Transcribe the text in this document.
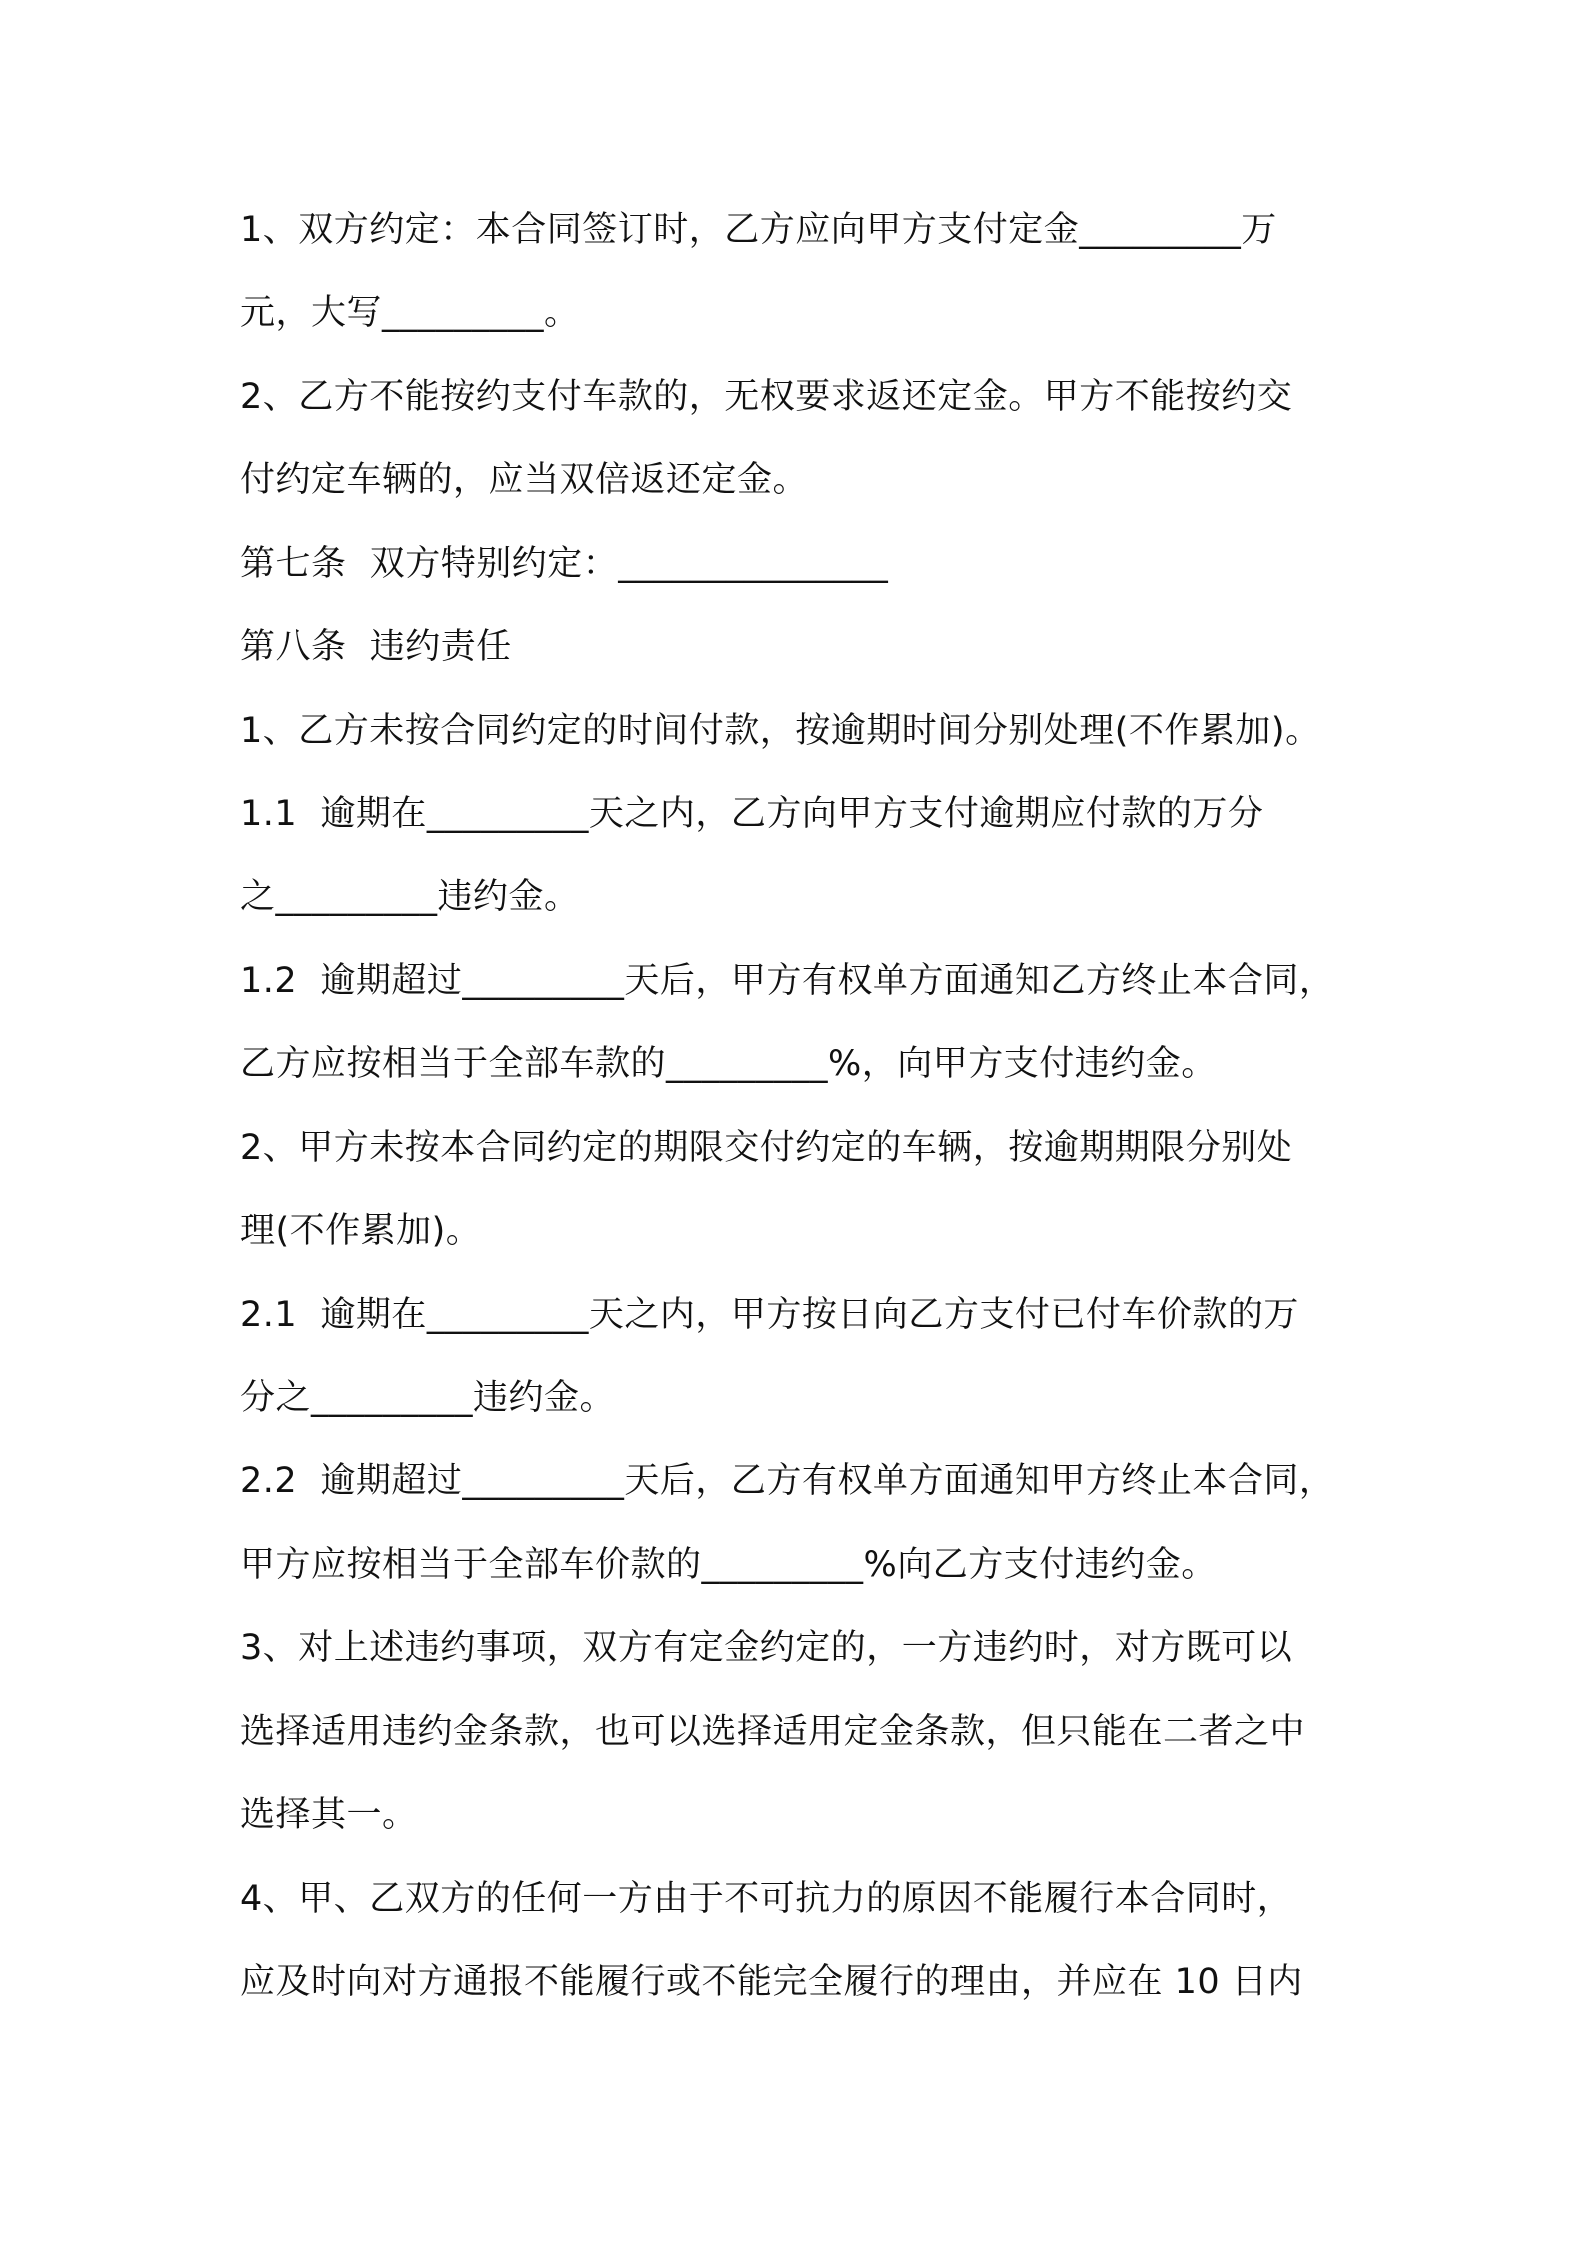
1、双方约定：本合同签订时，乙方应向甲方支付定金_________万
元，大写_________。
2、乙方不能按约支付车款的，无权要求返还定金。甲方不能按约交
付约定车辆的，应当双倍返还定金。
第七条  双方特别约定：_______________
第八条  违约责任
1、乙方未按合同约定的时间付款，按逾期时间分别处理(不作累加)。
1.1  逾期在_________天之内，乙方向甲方支付逾期应付款的万分
之_________违约金。
1.2  逾期超过_________天后，甲方有权单方面通知乙方终止本合同，
乙方应按相当于全部车款的_________%，向甲方支付违约金。
2、甲方未按本合同约定的期限交付约定的车辆，按逾期期限分别处
理(不作累加)。
2.1  逾期在_________天之内，甲方按日向乙方支付已付车价款的万
分之_________违约金。
2.2  逾期超过_________天后，乙方有权单方面通知甲方终止本合同，
甲方应按相当于全部车价款的_________%向乙方支付违约金。
3、对上述违约事项，双方有定金约定的，一方违约时，对方既可以
选择适用违约金条款，也可以选择适用定金条款，但只能在二者之中
选择其一。
4、甲、乙双方的任何一方由于不可抗力的原因不能履行本合同时，
应及时向对方通报不能履行或不能完全履行的理由，并应在 10 日内
